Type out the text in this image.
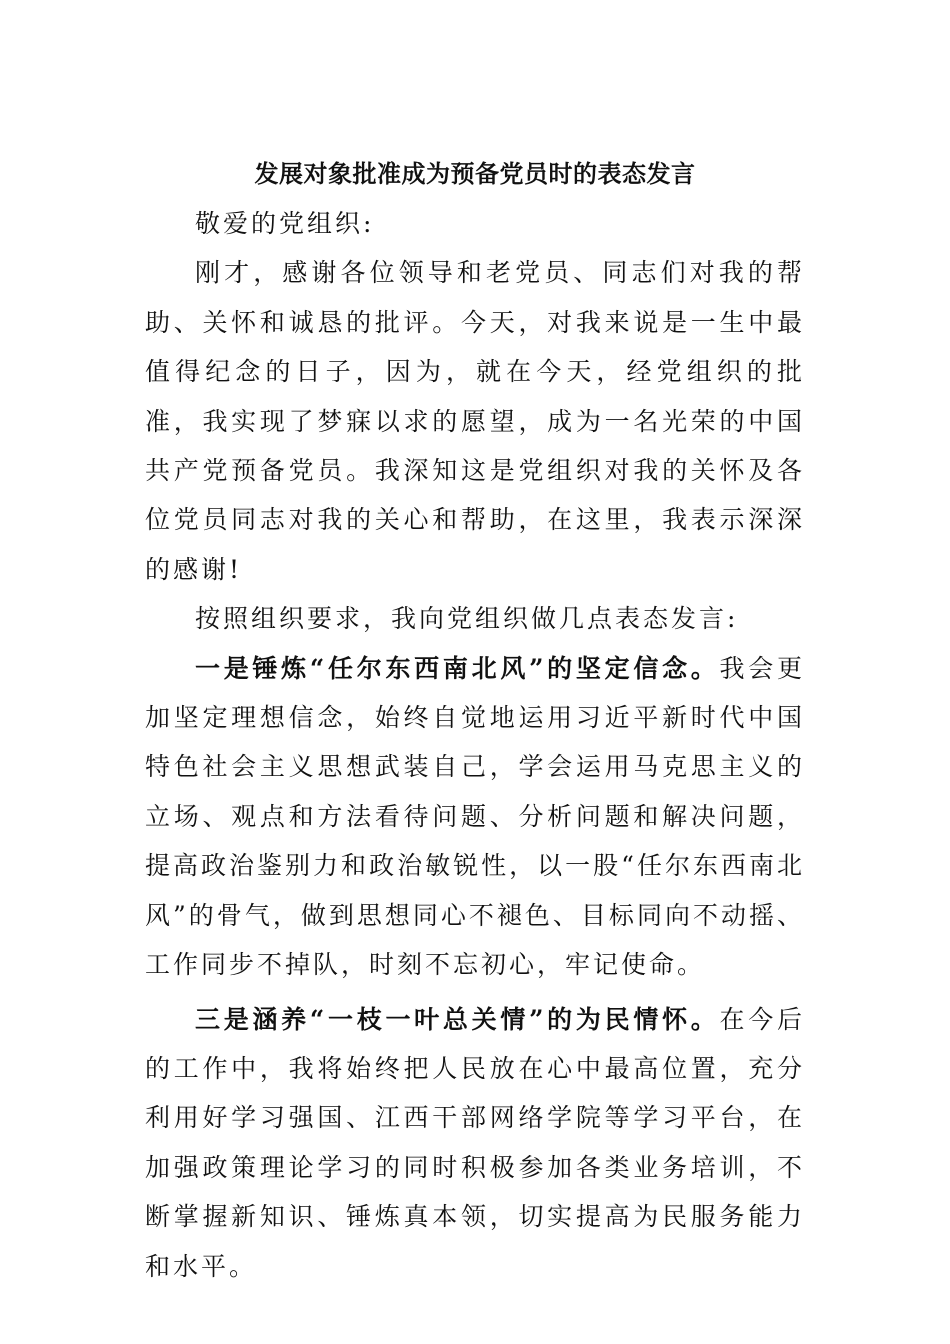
发展对象批准成为预备党员时的表态发言

敬爱的党组织:

刚才，感谢各位领导和老党员、同志们对我的帮助、关怀和诚恳的批评。今天，对我来说是一生中最值得纪念的日子，因为，就在今天，经党组织的批准，我实现了梦寐以求的愿望，成为一名光荣的中国共产党预备党员。我深知这是党组织对我的关怀及各位党员同志对我的关心和帮助，在这里，我表示深深的感谢!

按照组织要求，我向党组织做几点表态发言:

一是锤炼“任尔东西南北风”的坚定信念。我会更加坚定理想信念，始终自觉地运用习近平新时代中国特色社会主义思想武装自己，学会运用马克思主义的立场、观点和方法看待问题、分析问题和解决问题，提高政治鉴别力和政治敏锐性，以一股“任尔东西南北风”的骨气，做到思想同心不褪色、目标同向不动摇、工作同步不掉队，时刻不忘初心，牢记使命。

三是涵养“一枝一叶总关情”的为民情怀。在今后的工作中，我将始终把人民放在心中最高位置，充分利用好学习强国、江西干部网络学院等学习平台，在加强政策理论学习的同时积极参加各类业务培训，不断掌握新知识、锤炼真本领，切实提高为民服务能力和水平。
